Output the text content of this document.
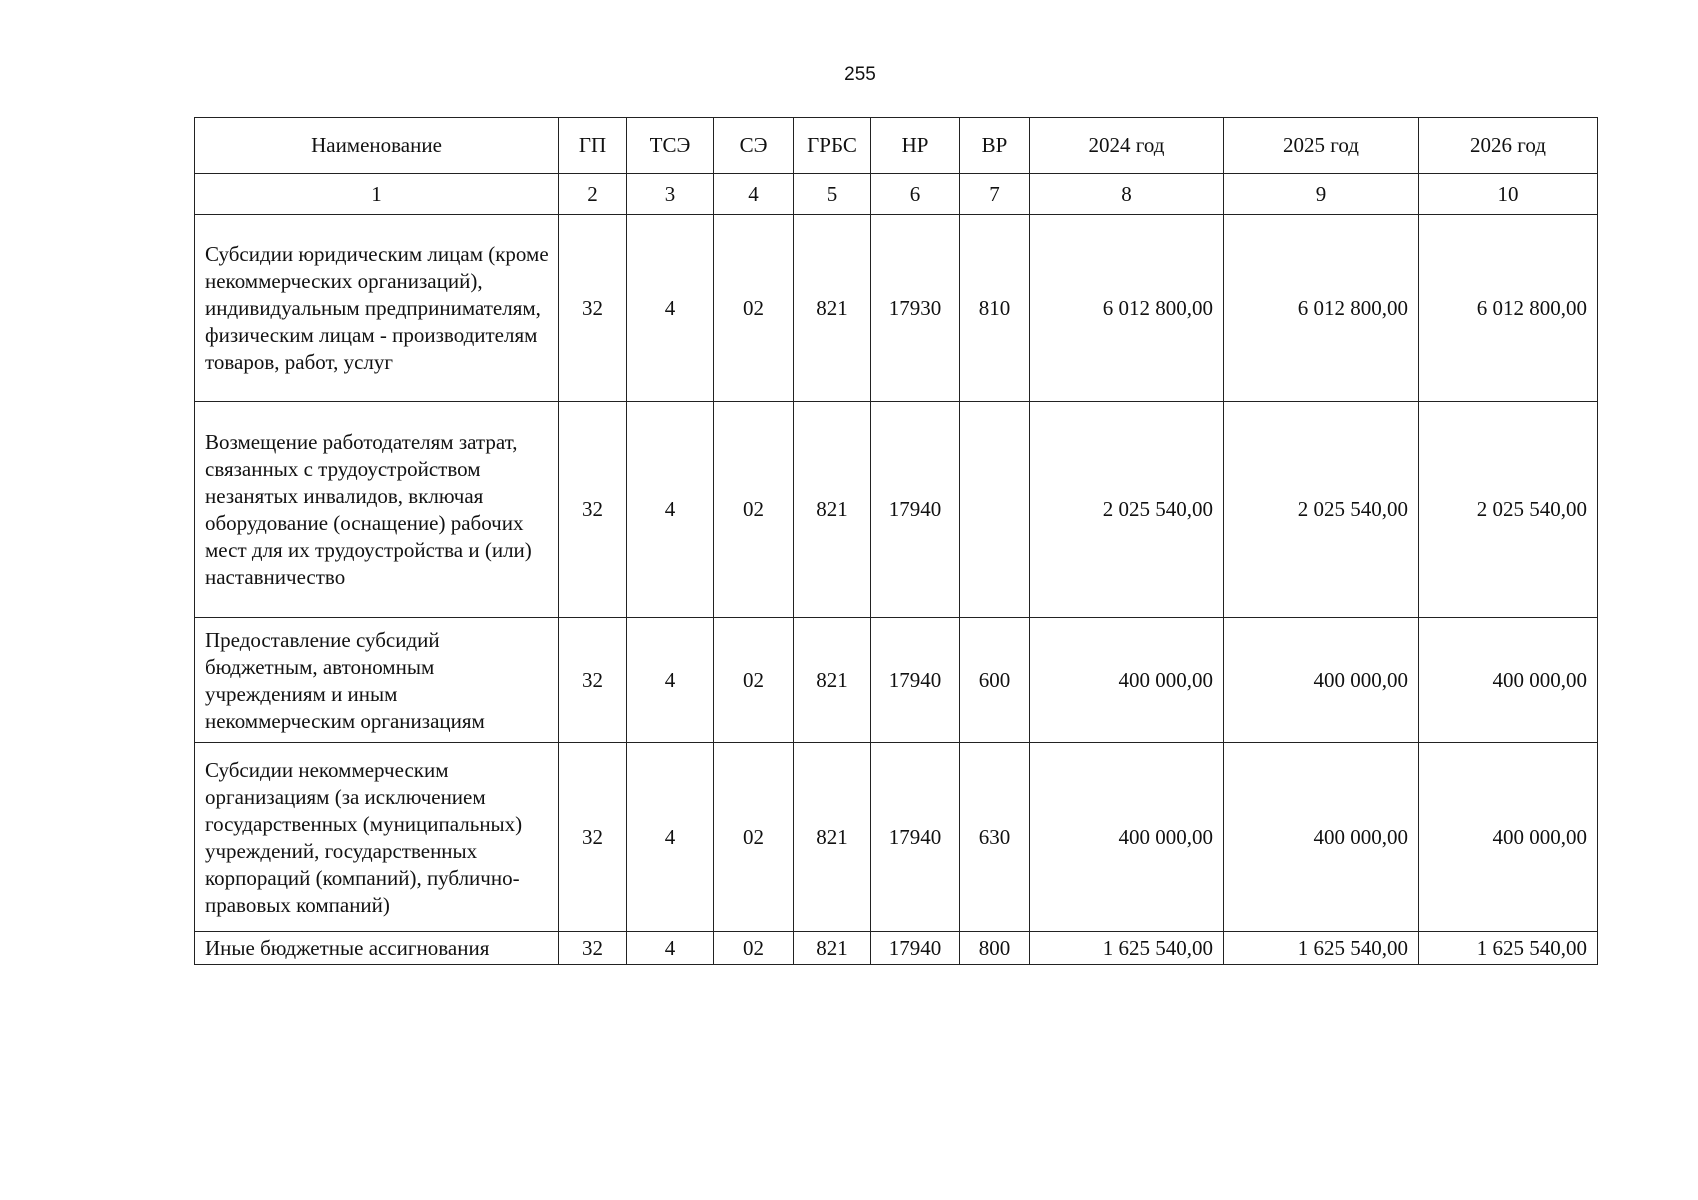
255
Наименование	ГП	ТСЭ	СЭ	ГРБС	НР	ВР	2024 год	2025 год	2026 год
1	2	3	4	5	6	7	8	9	10
Субсидии юридическим лицам (кроме некоммерческих организаций), индивидуальным предпринимателям, физическим лицам - производителям товаров, работ, услуг	32	4	02	821	17930	810	6 012 800,00	6 012 800,00	6 012 800,00
Возмещение работодателям затрат, связанных с трудоустройством незанятых инвалидов, включая оборудование (оснащение) рабочих мест для их трудоустройства и (или) наставничество	32	4	02	821	17940		2 025 540,00	2 025 540,00	2 025 540,00
Предоставление субсидий бюджетным, автономным учреждениям и иным некоммерческим организациям	32	4	02	821	17940	600	400 000,00	400 000,00	400 000,00
Субсидии некоммерческим организациям (за исключением государственных (муниципальных) учреждений, государственных корпораций (компаний), публично-правовых компаний)	32	4	02	821	17940	630	400 000,00	400 000,00	400 000,00
Иные бюджетные ассигнования	32	4	02	821	17940	800	1 625 540,00	1 625 540,00	1 625 540,00
